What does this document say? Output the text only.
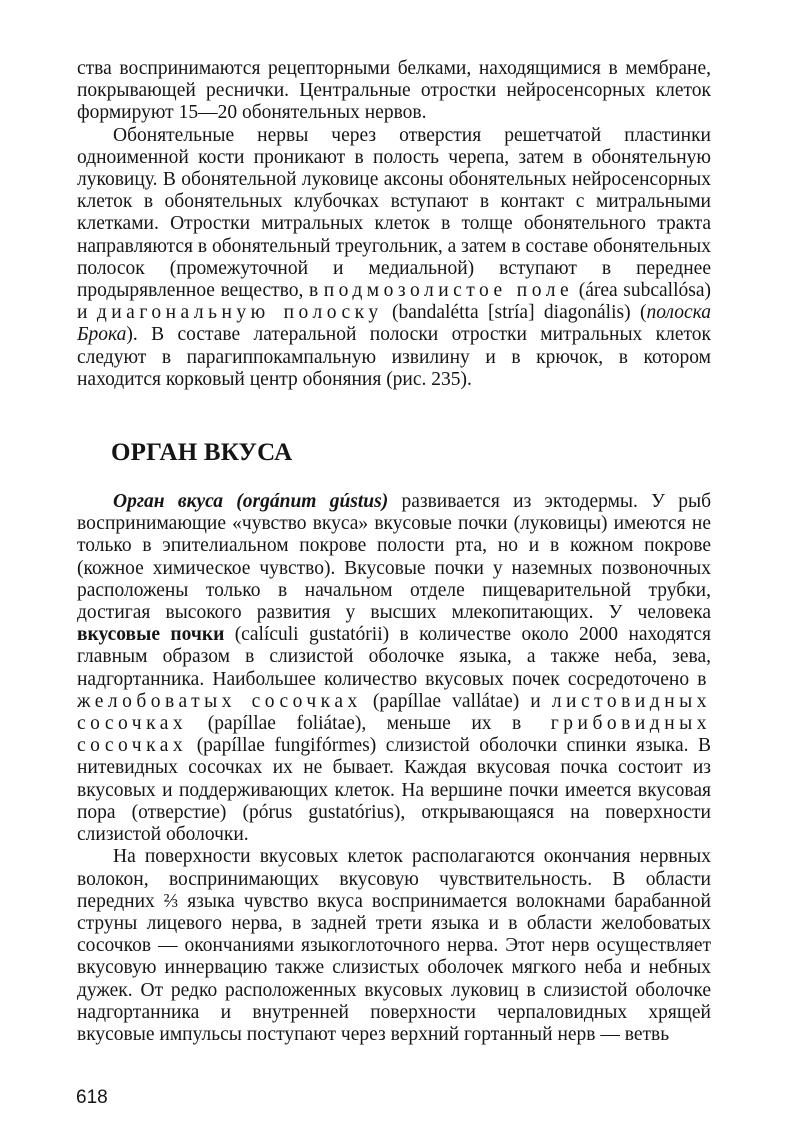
ства воспринимаются рецепторными белками, находящимися в мембране, покрывающей реснички. Центральные отростки нейросенсорных клеток формируют 15—20 обонятельных нервов.

Обонятельные нервы через отверстия решетчатой пластинки одноименной кости проникают в полость черепа, затем в обонятельную луковицу. В обонятельной луковице аксоны обонятельных нейросенсорных клеток в обонятельных клубочках вступают в контакт с митральными клетками. Отростки митральных клеток в толще обонятельного тракта направляются в обонятельный треугольник, а затем в составе обонятельных полосок (промежуточной и медиальной) вступают в переднее продырявленное вещество, в подмозолистое поле (área subcallósa) и диагональную полоску (bandalétta [stría] diagonális) (полоска Брока). В составе латеральной полоски отростки митральных клеток следуют в парагиппокампальную извилину и в крючок, в котором находится корковый центр обоняния (рис. 235).

ОРГАН ВКУСА

Орган вкуса (orgánum gústus) развивается из эктодермы. У рыб воспринимающие «чувство вкуса» вкусовые почки (луковицы) имеются не только в эпителиальном покрове полости рта, но и в кожном покрове (кожное химическое чувство). Вкусовые почки у наземных позвоночных расположены только в начальном отделе пищеварительной трубки, достигая высокого развития у высших млекопитающих. У человека вкусовые почки (calículi gustatórii) в количестве около 2000 находятся главным образом в слизистой оболочке языка, а также неба, зева, надгортанника. Наибольшее количество вкусовых почек сосредоточено в желобоватых сосочках (papíllae vallátae) и листовидных сосочках (papíllae foliátae), меньше их в грибовидных сосочках (papíllae fungifórmes) слизистой оболочки спинки языка. В нитевидных сосочках их не бывает. Каждая вкусовая почка состоит из вкусовых и поддерживающих клеток. На вершине почки имеется вкусовая пора (отверстие) (pórus gustatórius), открывающаяся на поверхности слизистой оболочки.

На поверхности вкусовых клеток располагаются окончания нервных волокон, воспринимающих вкусовую чувствительность. В области передних ⅔ языка чувство вкуса воспринимается волокнами барабанной струны лицевого нерва, в задней трети языка и в области желобоватых сосочков — окончаниями языкоглоточного нерва. Этот нерв осуществляет вкусовую иннервацию также слизистых оболочек мягкого неба и небных дужек. От редко расположенных вкусовых луковиц в слизистой оболочке надгортанника и внутренней поверхности черпаловидных хрящей вкусовые импульсы поступают через верхний гортанный нерв — ветвь

618
